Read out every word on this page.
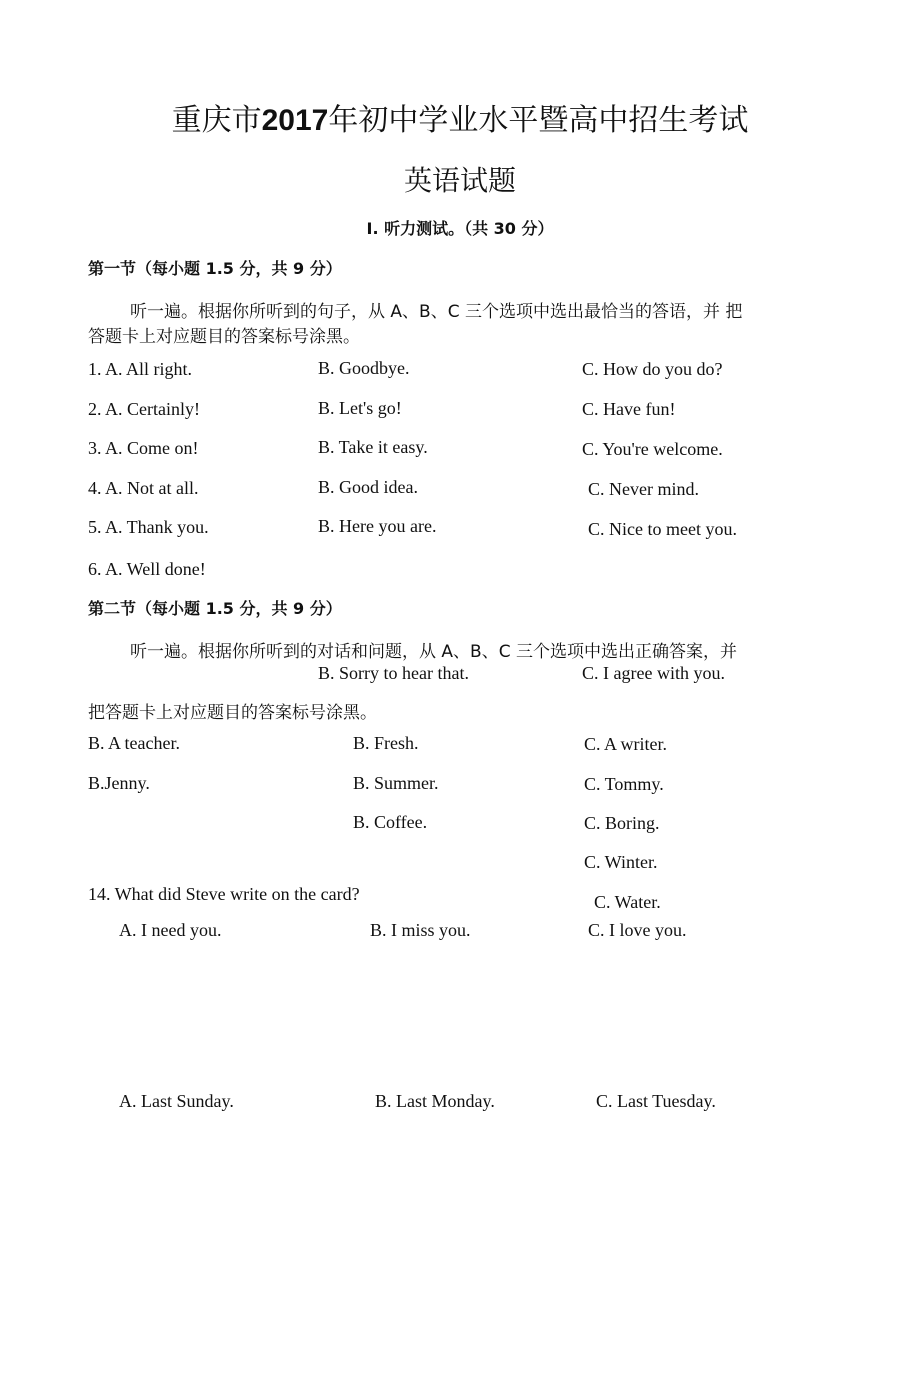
重庆市2017年初中学业水平暨高中招生考试
英语试题
I. 听力测试。（共 30 分）
第一节（每小题 1.5 分，共 9 分）
听一遍。根据你所听到的句子，从 A、B、C 三个选项中选出最恰当的答语，并 把
答题卡上对应题目的答案标号涂黑。
1. A. All right.	B. Goodbye.	C. How do you do?
2. A. Certainly!	B. Let's go!	C. Have fun!
3. A. Come on!	B. Take it easy.	C. You're welcome.
4. A. Not at all.	B. Good idea.	C. Never mind.
5. A. Thank you.	B. Here you are.	C. Nice to meet you.
6. A. Well done!
第二节（每小题 1.5 分，共 9 分）
听一遍。根据你所听到的对话和问题，从 A、B、C 三个选项中选出正确答案，并
B. Sorry to hear that.	C. I agree with you.
把答题卡上对应题目的答案标号涂黑。
B. A teacher.	B. Fresh.	C. A writer.
B.Jenny.	B. Summer.	C. Tommy.
B. Coffee.	C. Boring.
C. Winter.
14. What did Steve write on the card?	C. Water.
A. I need you.	B. I miss you.	C. I love you.
A. Last Sunday.	B. Last Monday.	C. Last Tuesday.
